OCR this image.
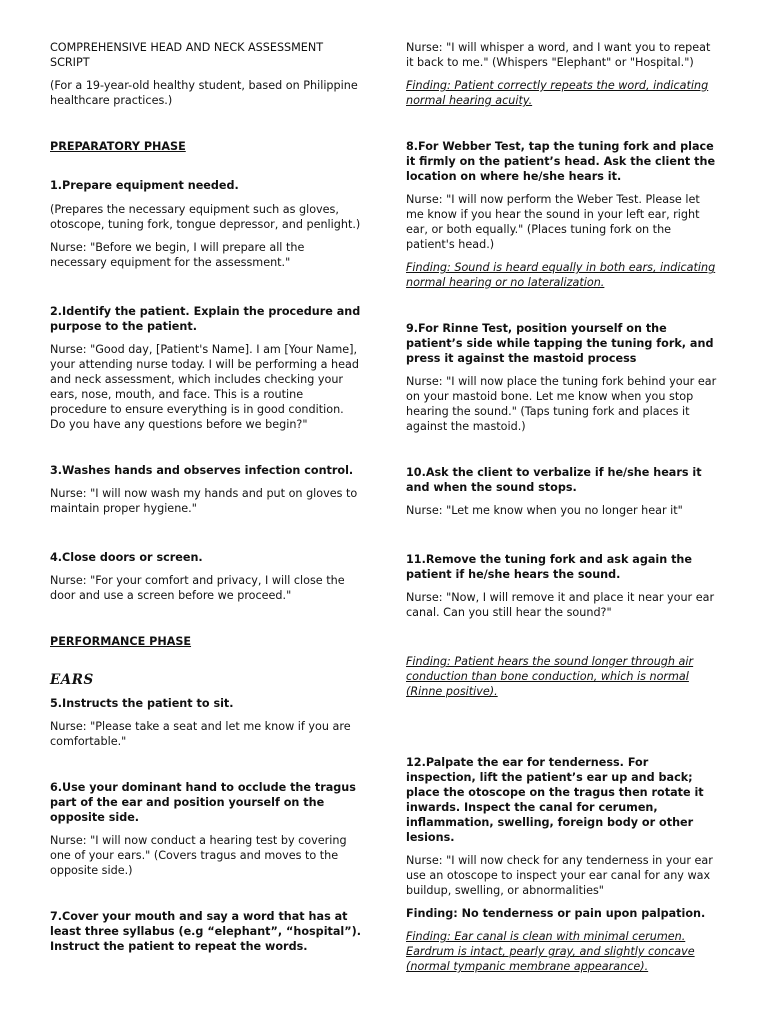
COMPREHENSIVE HEAD AND NECK ASSESSMENT SCRIPT

(For a 19-year-old healthy student, based on Philippine healthcare practices.)

PREPARATORY PHASE

1.Prepare equipment needed.

(Prepares the necessary equipment such as gloves, otoscope, tuning fork, tongue depressor, and penlight.)

Nurse: "Before we begin, I will prepare all the necessary equipment for the assessment."

2.Identify the patient. Explain the procedure and purpose to the patient.

Nurse: "Good day, [Patient's Name]. I am [Your Name], your attending nurse today. I will be performing a head and neck assessment, which includes checking your ears, nose, mouth, and face. This is a routine procedure to ensure everything is in good condition. Do you have any questions before we begin?"

3.Washes hands and observes infection control.

Nurse: "I will now wash my hands and put on gloves to maintain proper hygiene."

4.Close doors or screen.

Nurse: "For your comfort and privacy, I will close the door and use a screen before we proceed."

PERFORMANCE PHASE

EARS

5.Instructs the patient to sit.

Nurse: "Please take a seat and let me know if you are comfortable."

6.Use your dominant hand to occlude the tragus part of the ear and position yourself on the opposite side.

Nurse: "I will now conduct a hearing test by covering one of your ears." (Covers tragus and moves to the opposite side.)

7.Cover your mouth and say a word that has at least three syllabus (e.g “elephant”, “hospital”). Instruct the patient to repeat the words.

Nurse: "I will whisper a word, and I want you to repeat it back to me." (Whispers "Elephant" or "Hospital.")

Finding: Patient correctly repeats the word, indicating normal hearing acuity.

8.For Webber Test, tap the tuning fork and place it firmly on the patient’s head. Ask the client the location on where he/she hears it.

Nurse: "I will now perform the Weber Test. Please let me know if you hear the sound in your left ear, right ear, or both equally." (Places tuning fork on the patient's head.)

Finding: Sound is heard equally in both ears, indicating normal hearing or no lateralization.

9.For Rinne Test, position yourself on the patient’s side while tapping the tuning fork, and press it against the mastoid process

Nurse: "I will now place the tuning fork behind your ear on your mastoid bone. Let me know when you stop hearing the sound." (Taps tuning fork and places it against the mastoid.)

10.Ask the client to verbalize if he/she hears it and when the sound stops.

Nurse: "Let me know when you no longer hear it"

11.Remove the tuning fork and ask again the patient if he/she hears the sound.

Nurse: "Now, I will remove it and place it near your ear canal. Can you still hear the sound?"

Finding: Patient hears the sound longer through air conduction than bone conduction, which is normal (Rinne positive).

12.Palpate the ear for tenderness. For inspection, lift the patient’s ear up and back; place the otoscope on the tragus then rotate it inwards. Inspect the canal for cerumen, inflammation, swelling, foreign body or other lesions.

Nurse: "I will now check for any tenderness in your ear use an otoscope to inspect your ear canal for any wax buildup, swelling, or abnormalities"

Finding: No tenderness or pain upon palpation.

Finding: Ear canal is clean with minimal cerumen. Eardrum is intact, pearly gray, and slightly concave (normal tympanic membrane appearance).
